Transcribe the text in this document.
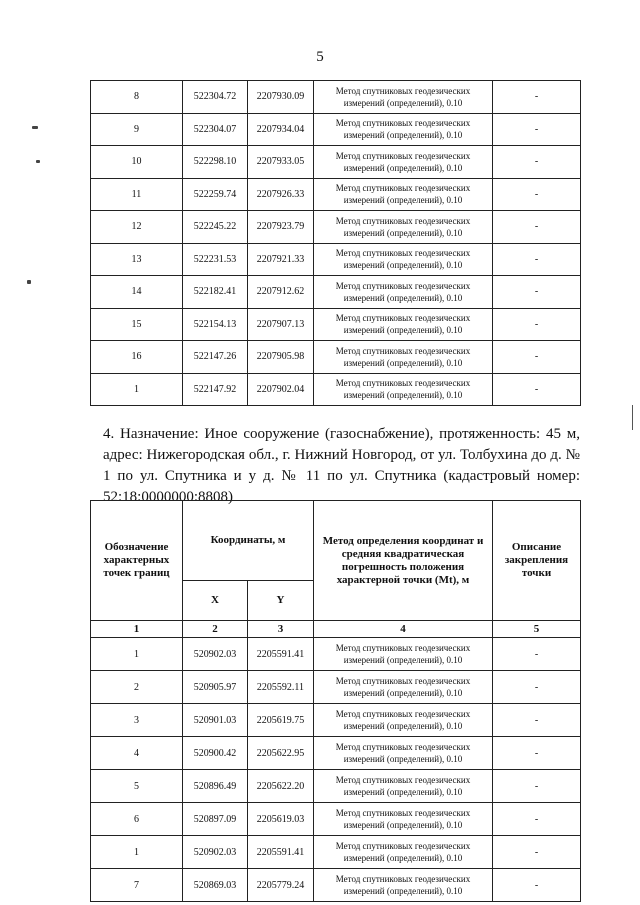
5
8	522304.72	2207930.09	Метод спутниковых геодезических
измерений (определений), 0.10	-
9	522304.07	2207934.04	Метод спутниковых геодезических
измерений (определений), 0.10	-
10	522298.10	2207933.05	Метод спутниковых геодезических
измерений (определений), 0.10	-
11	522259.74	2207926.33	Метод спутниковых геодезических
измерений (определений), 0.10	-
12	522245.22	2207923.79	Метод спутниковых геодезических
измерений (определений), 0.10	-
13	522231.53	2207921.33	Метод спутниковых геодезических
измерений (определений), 0.10	-
14	522182.41	2207912.62	Метод спутниковых геодезических
измерений (определений), 0.10	-
15	522154.13	2207907.13	Метод спутниковых геодезических
измерений (определений), 0.10	-
16	522147.26	2207905.98	Метод спутниковых геодезических
измерений (определений), 0.10	-
1	522147.92	2207902.04	Метод спутниковых геодезических
измерений (определений), 0.10	-
4. Назначение: Иное сооружение (газоснабжение), протяженность: 45 м, адрес: Нижегородская обл., г. Нижний Новгород, от ул. Толбухина до д. № 1 по ул. Спутника и у д. № 11 по ул. Спутника (кадастровый номер: 52:18:0000000:8808)
Обозначение характерных точек границ	Координаты, м		Метод определения координат и средняя квадратическая погрешность положения характерной точки (Mt), м	Описание закрепления точки
	X	Y		
1	2	3	4	5
1	520902.03	2205591.41	Метод спутниковых геодезических
измерений (определений), 0.10	-
2	520905.97	2205592.11	Метод спутниковых геодезических
измерений (определений), 0.10	-
3	520901.03	2205619.75	Метод спутниковых геодезических
измерений (определений), 0.10	-
4	520900.42	2205622.95	Метод спутниковых геодезических
измерений (определений), 0.10	-
5	520896.49	2205622.20	Метод спутниковых геодезических
измерений (определений), 0.10	-
6	520897.09	2205619.03	Метод спутниковых геодезических
измерений (определений), 0.10	-
1	520902.03	2205591.41	Метод спутниковых геодезических
измерений (определений), 0.10	-
7	520869.03	2205779.24	Метод спутниковых геодезических
измерений (определений), 0.10	-
